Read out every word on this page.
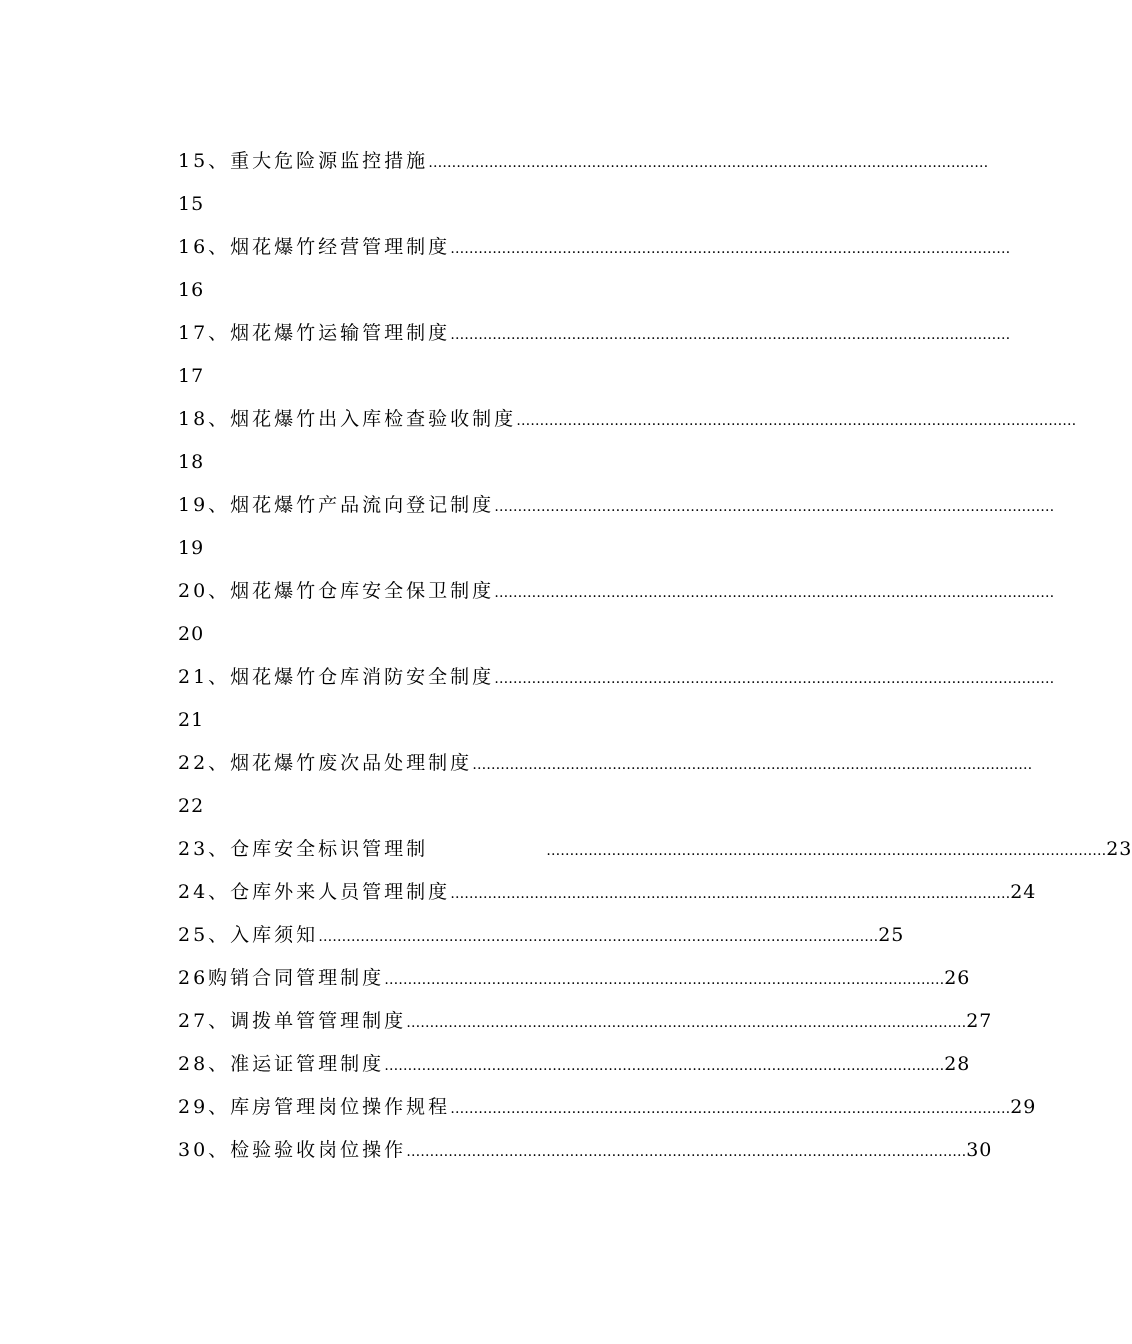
15、重大危险源监控措施 …………………………………………………………………………………………………………
15
16、烟花爆竹经营管理制度 …………………………………………………………………………………………………………
16
17、烟花爆竹运输管理制度 …………………………………………………………………………………………………………
17
18、烟花爆竹出入库检查验收制度 …………………………………………………………………………………………………………
18
19、烟花爆竹产品流向登记制度 …………………………………………………………………………………………………………
19
20、烟花爆竹仓库安全保卫制度 …………………………………………………………………………………………………………
20
21、烟花爆竹仓库消防安全制度 …………………………………………………………………………………………………………
21
22、烟花爆竹废次品处理制度 …………………………………………………………………………………………………………
22
23、仓库安全标识管理制	………………………………………………………………………………………………………… 23
24、仓库外来人员管理制度 ………………………………………………………………………………………………………… 24
25、入库须知 ………………………………………………………………………………………………………… 25
26购销合同管理制度 ………………………………………………………………………………………………………… 26
27、调拨单管管理制度 ………………………………………………………………………………………………………… 27
28、准运证管理制度 ………………………………………………………………………………………………………… 28
29、库房管理岗位操作规程 ………………………………………………………………………………………………………… 29
30、检验验收岗位操作 ………………………………………………………………………………………………………… 30
